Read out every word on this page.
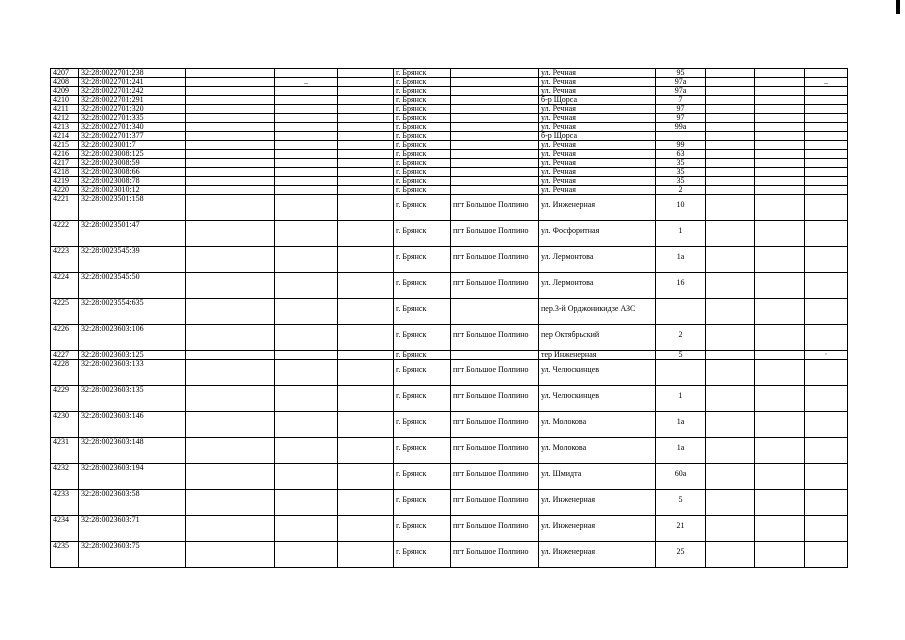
4207	32:28:0022701:238				г. Брянск		ул. Речная	95			
4208	32:28:0022701:241		..		г. Брянск		ул. Речная	97а			..
4209	32:28:0022701:242				г. Брянск		ул. Речная	97а			
4210	32:28:0022701:291				г. Брянск		б-р Щорса	7			
4211	32:28:0022701:320				г. Брянск		ул. Речная	97			
4212	32:28:0022701:335				г. Брянск		ул. Речная	97			
4213	32:28:0022701:340				г. Брянск		ул. Речная	99а			
4214	32:28:0022701:377				г. Брянск		б-р Щорса				
4215	32:28:0023001:7				г. Брянск		ул. Речная	99			
4216	32:28:0023008:125				г. Брянск		ул. Речная	63			
4217	32:28:0023008:59				г. Брянск		ул. Речная	35			
4218	32:28:0023008:66				г. Брянск		ул. Речная	35			
4219	32:28:0023008:78				г. Брянск		ул. Речная	35			
4220	32:28:0023010:12				г. Брянск		ул. Речная	2			
4221	32:28:0023501:158				г. Брянск	пгт Большое Полпино	ул. Инженерная	10			
4222	32:28:0023501:47				г. Брянск	пгт Большое Полпино	ул. Фосфоритная	1			
4223	32:28:0023545:39				г. Брянск	пгт Большое Полпино	ул. Лермонтова	1а			
4224	32:28:0023545:50				г. Брянск	пгт Большое Полпино	ул. Лермонтова	16			
4225	32:28:0023554:635				г. Брянск		пер.3-й Орджоникидзе АЗС				
4226	32:28:0023603:106				г. Брянск	пгт Большое Полпино	пер Октябрьский	2			
4227	32:28:0023603:125				г. Брянск		тер Инженерная	5			·
4228	32:28:0023603:133				г. Брянск	пгт Большое Полпино	ул. Челюскинцев				
4229	32:28:0023603:135				г. Брянск	пгт Большое Полпино	ул. Челюскинцев	1			
4230	32:28:0023603:146				г. Брянск	пгт Большое Полпино	ул. Молокова	1а			
4231	32:28:0023603:148				г. Брянск	пгт Большое Полпино	ул. Молокова	1а			
4232	32:28:0023603:194				г. Брянск	пгт Большое Полпино	ул. Шмидта	60а			
4233	32:28:0023603:58				г. Брянск	пгт Большое Полпино	ул. Инженерная	5			
4234	32:28:0023603:71				г. Брянск	пгт Большое Полпино	ул. Инженерная	21			
4235	32:28:0023603:75				г. Брянск	пгт Большое Полпино	ул. Инженерная	25			
